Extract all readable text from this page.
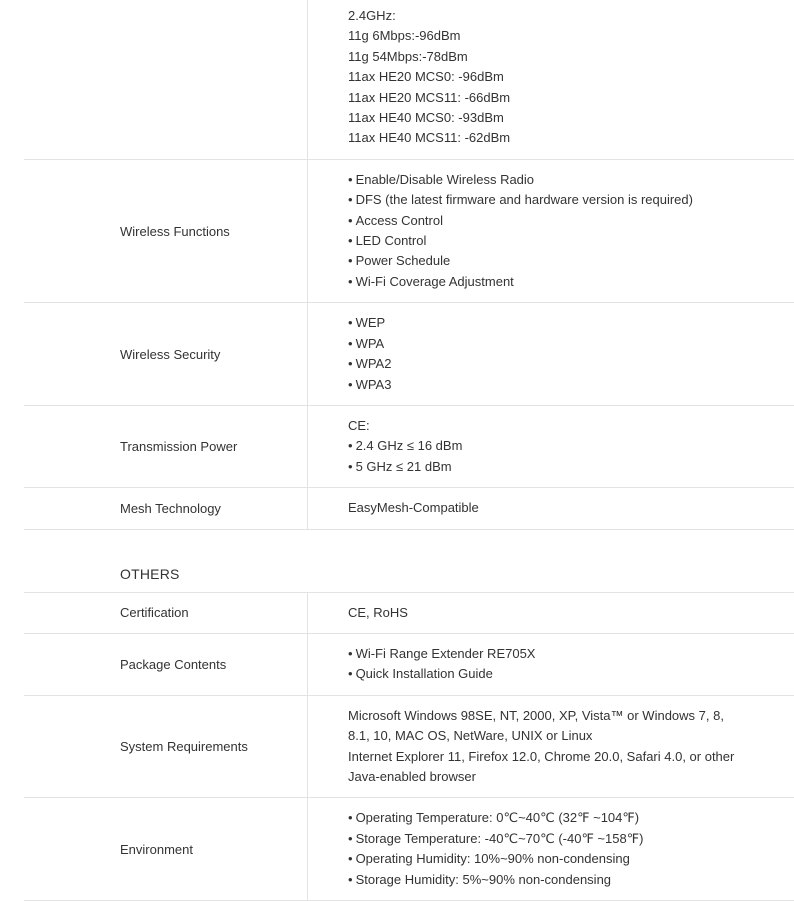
2.4GHz:
11g 6Mbps:-96dBm
11g 54Mbps:-78dBm
11ax HE20 MCS0: -96dBm
11ax HE20 MCS11: -66dBm
11ax HE40 MCS0: -93dBm
11ax HE40 MCS11: -62dBm
Wireless Functions
• Enable/Disable Wireless Radio
• DFS (the latest firmware and hardware version is required)
• Access Control
• LED Control
• Power Schedule
• Wi-Fi Coverage Adjustment
Wireless Security
• WEP
• WPA
• WPA2
• WPA3
Transmission Power
CE:
• 2.4 GHz ≤ 16 dBm
• 5 GHz ≤ 21 dBm
Mesh Technology	EasyMesh-Compatible
OTHERS
Certification	CE, RoHS
Package Contents
• Wi-Fi Range Extender RE705X
• Quick Installation Guide
System Requirements
Microsoft Windows 98SE, NT, 2000, XP, Vista™ or Windows 7, 8,
8.1, 10, MAC OS, NetWare, UNIX or Linux
Internet Explorer 11, Firefox 12.0, Chrome 20.0, Safari 4.0, or other
Java-enabled browser
Environment
• Operating Temperature: 0℃~40℃ (32℉ ~104℉)
• Storage Temperature: -40℃~70℃ (-40℉ ~158℉)
• Operating Humidity: 10%~90% non-condensing
• Storage Humidity: 5%~90% non-condensing
